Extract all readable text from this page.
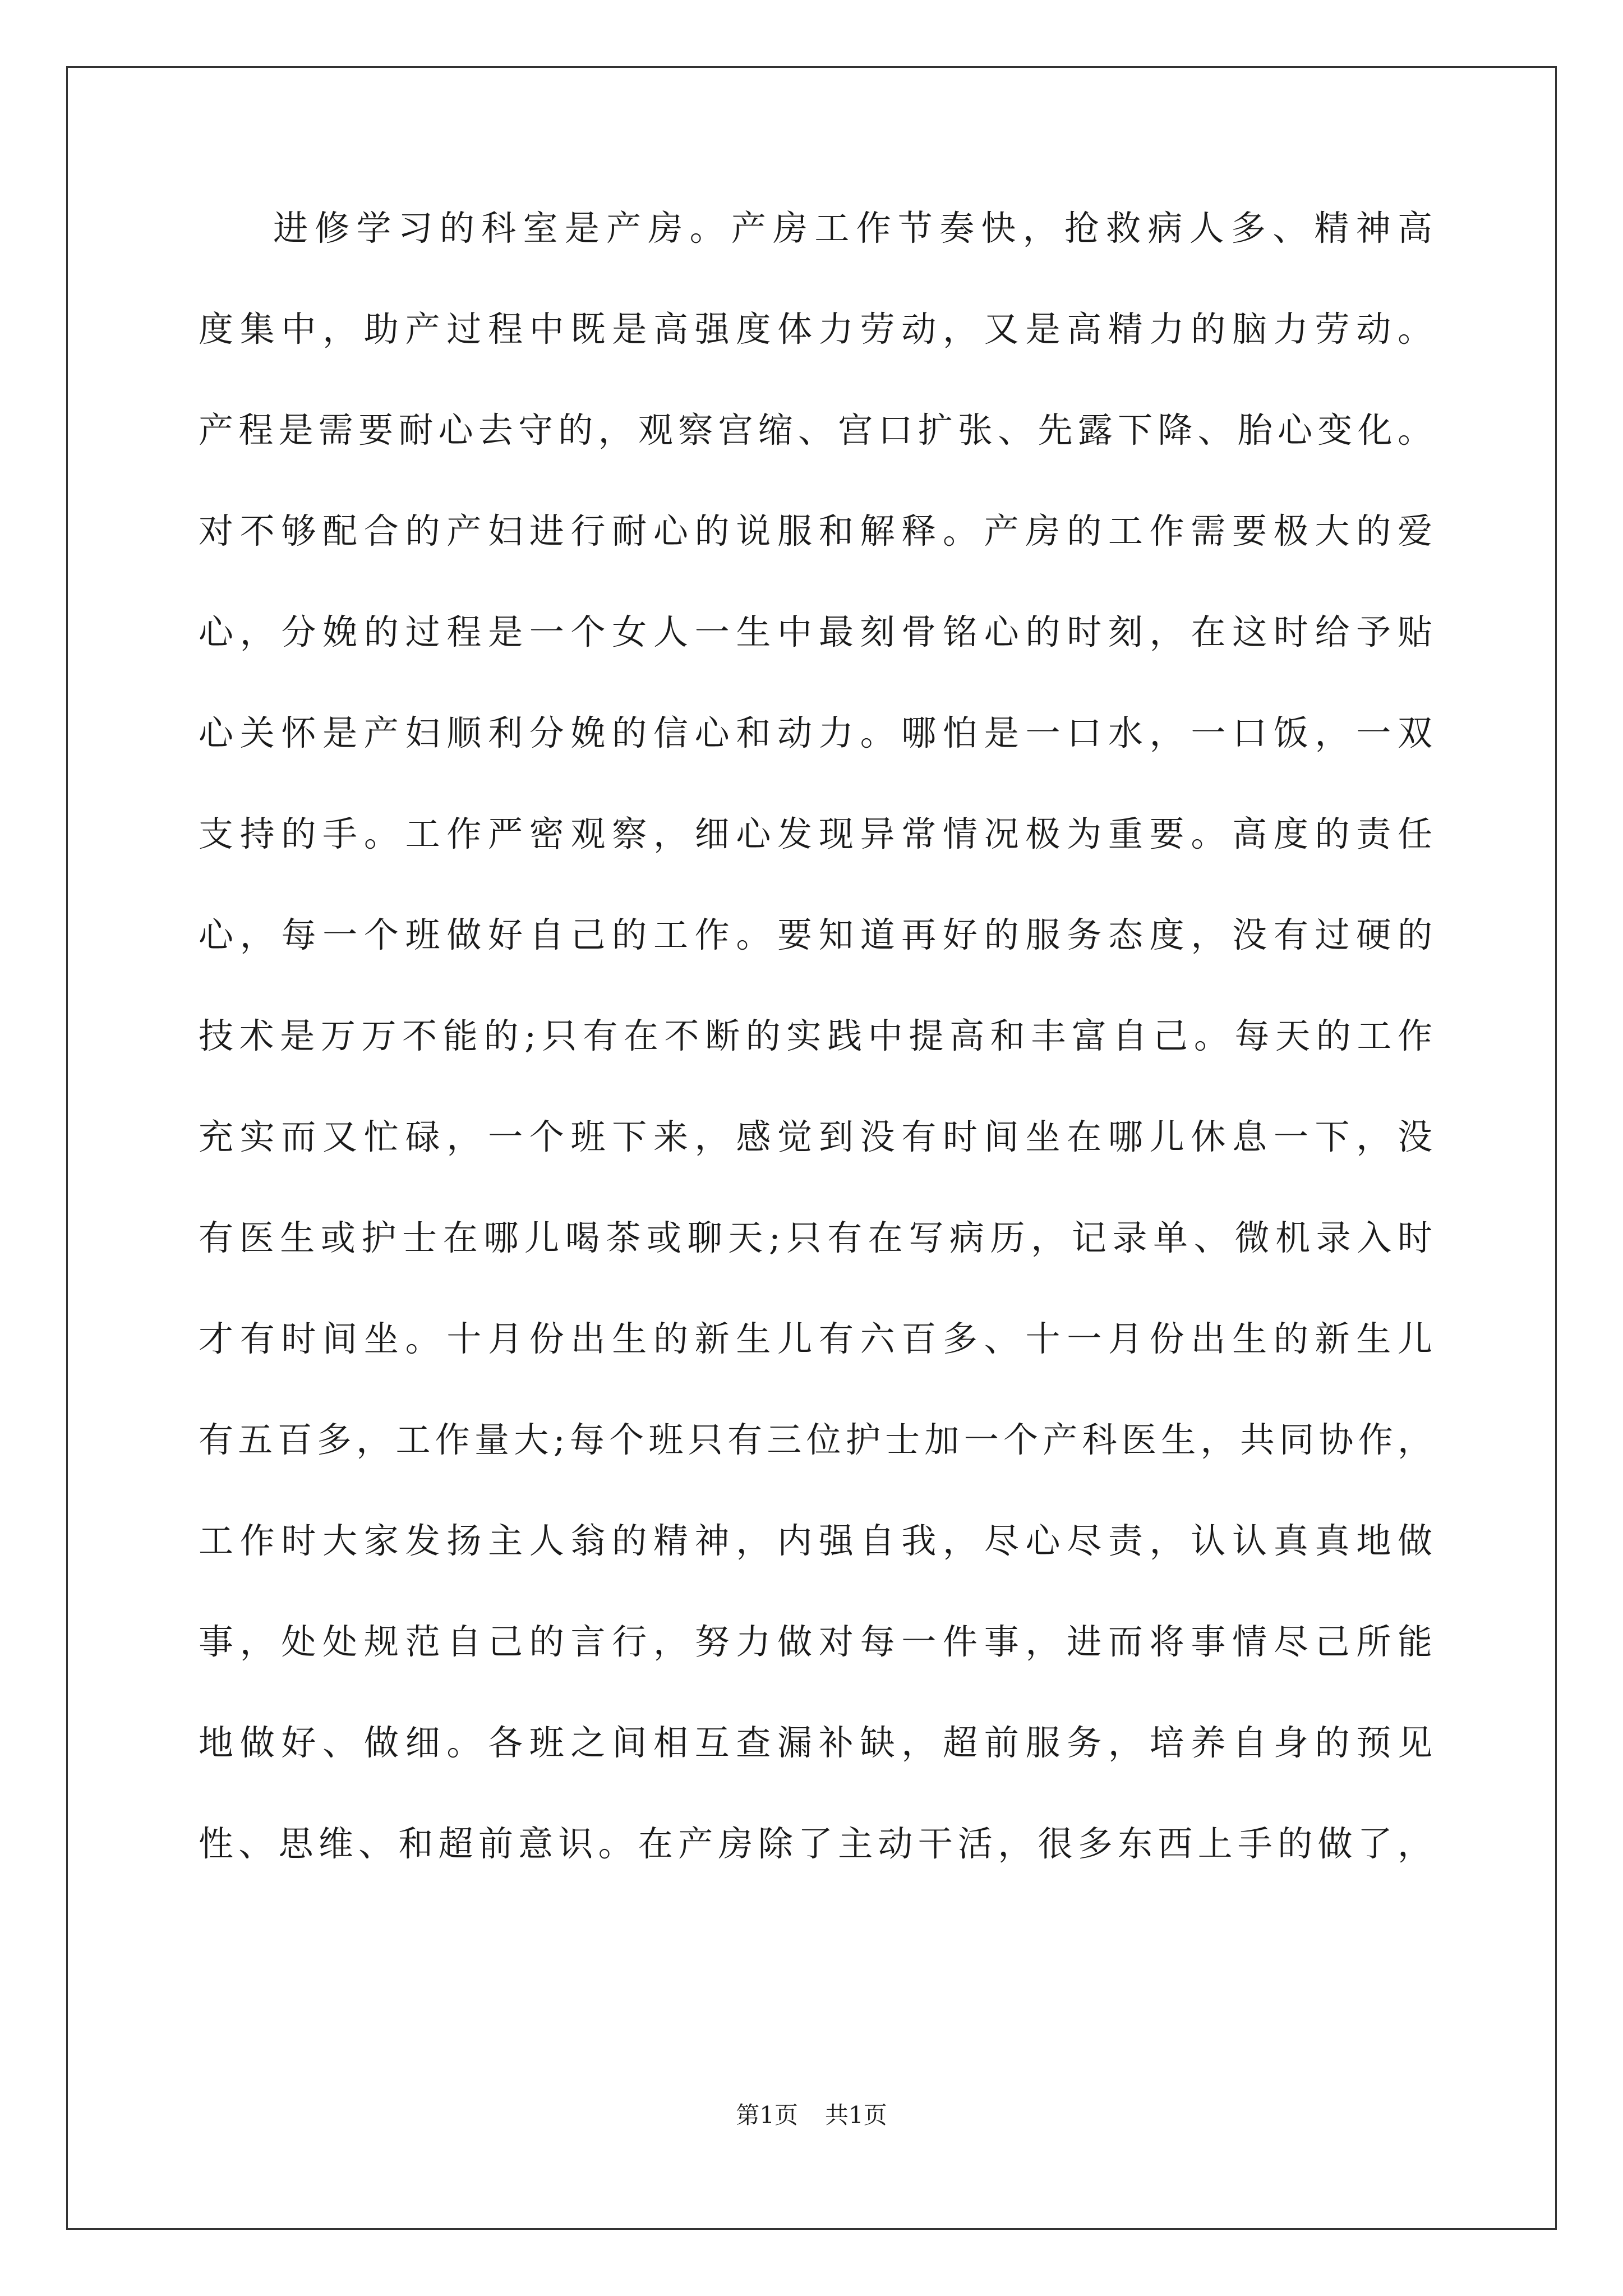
进修学习的科室是产房。产房工作节奏快，抢救病人多、精神高
度集中，助产过程中既是高强度体力劳动，又是高精力的脑力劳动。
产程是需要耐心去守的，观察宫缩、宫口扩张、先露下降、胎心变化。
对不够配合的产妇进行耐心的说服和解释。产房的工作需要极大的爱
心，分娩的过程是一个女人一生中最刻骨铭心的时刻，在这时给予贴
心关怀是产妇顺利分娩的信心和动力。哪怕是一口水，一口饭，一双
支持的手。工作严密观察，细心发现异常情况极为重要。高度的责任
心，每一个班做好自己的工作。要知道再好的服务态度，没有过硬的
技术是万万不能的;只有在不断的实践中提高和丰富自己。每天的工作
充实而又忙碌，一个班下来，感觉到没有时间坐在哪儿休息一下，没
有医生或护士在哪儿喝茶或聊天;只有在写病历，记录单、微机录入时
才有时间坐。十月份出生的新生儿有六百多、十一月份出生的新生儿
有五百多，工作量大;每个班只有三位护士加一个产科医生，共同协作，
工作时大家发扬主人翁的精神，内强自我，尽心尽责，认认真真地做
事，处处规范自己的言行，努力做对每一件事，进而将事情尽己所能
地做好、做细。各班之间相互查漏补缺，超前服务，培养自身的预见
性、思维、和超前意识。在产房除了主动干活，很多东西上手的做了，
第1页 共1页
